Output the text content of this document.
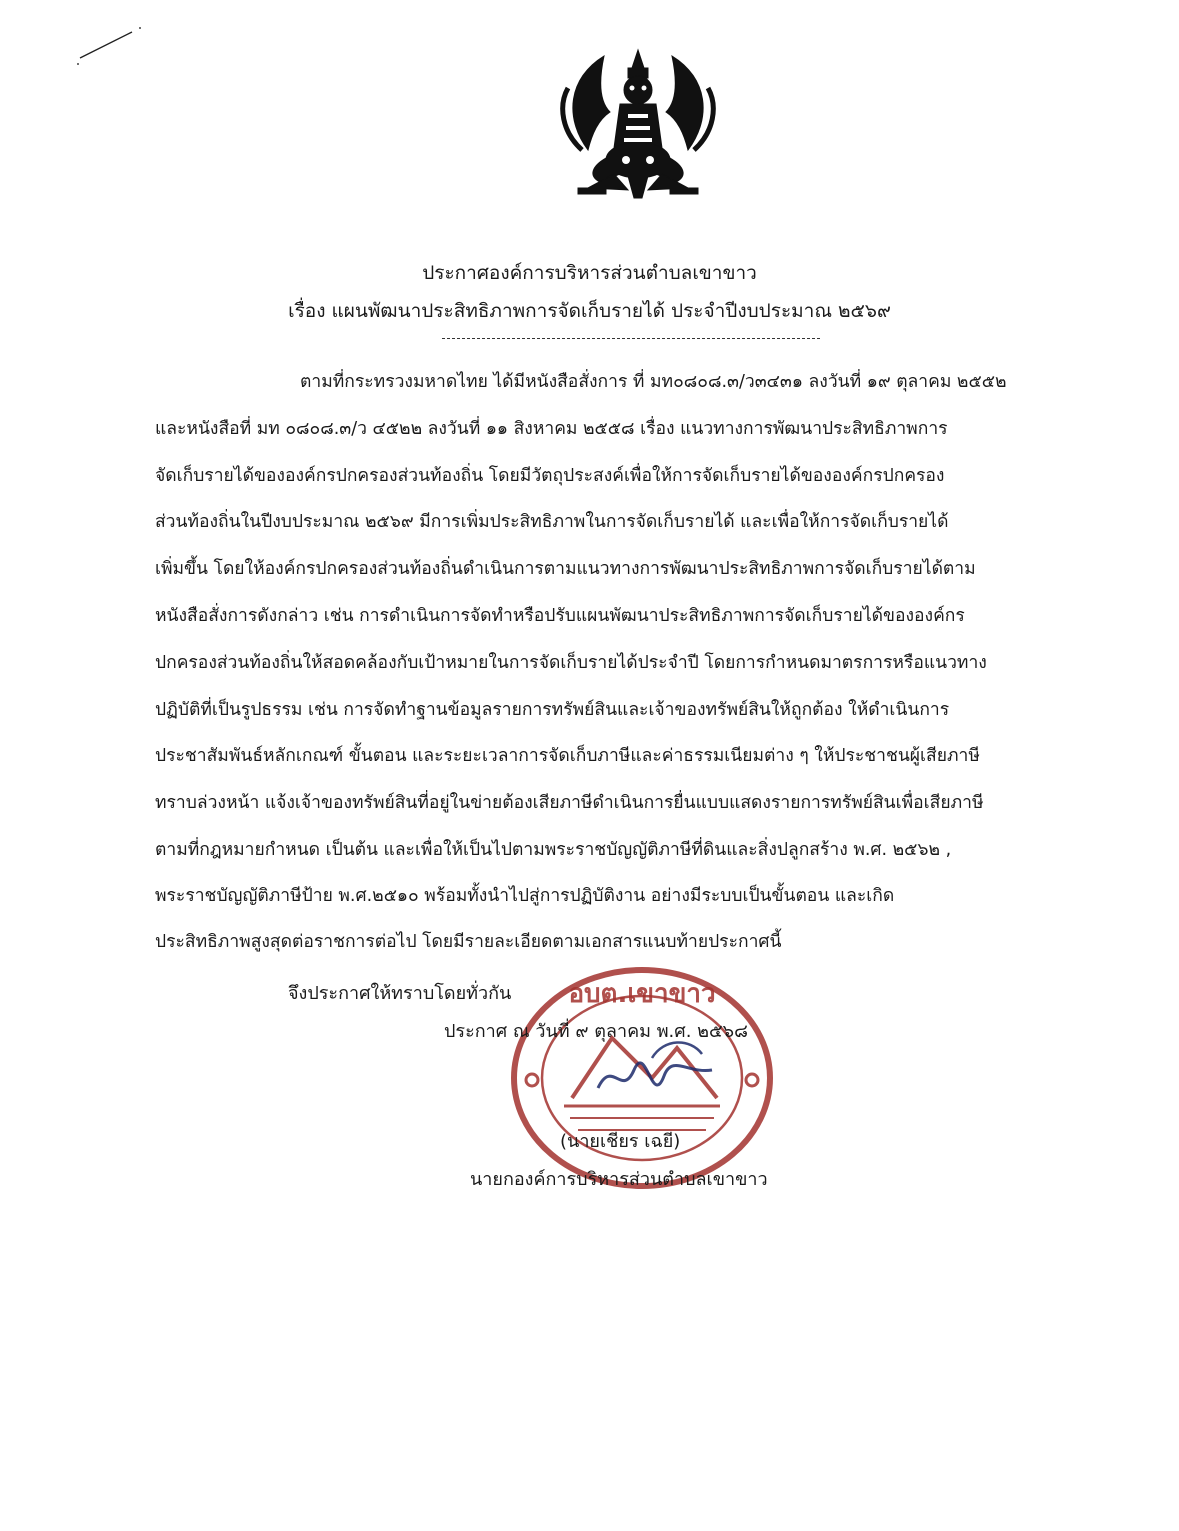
ประกาศองค์การบริหารส่วนตำบลเขาขาว
เรื่อง แผนพัฒนาประสิทธิภาพการจัดเก็บรายได้ ประจำปีงบประมาณ ๒๕๖๙
ตามที่กระทรวงมหาดไทย ได้มีหนังสือสั่งการ ที่ มท๐๘๐๘.๓/ว๓๔๓๑ ลงวันที่ ๑๙ ตุลาคม ๒๕๕๒
และหนังสือที่ มท ๐๘๐๘.๓/ว ๔๕๒๒ ลงวันที่ ๑๑ สิงหาคม ๒๕๕๘ เรื่อง แนวทางการพัฒนาประสิทธิภาพการ
จัดเก็บรายได้ขององค์กรปกครองส่วนท้องถิ่น โดยมีวัตถุประสงค์เพื่อให้การจัดเก็บรายได้ขององค์กรปกครอง
ส่วนท้องถิ่นในปีงบประมาณ ๒๕๖๙ มีการเพิ่มประสิทธิภาพในการจัดเก็บรายได้ และเพื่อให้การจัดเก็บรายได้
เพิ่มขึ้น โดยให้องค์กรปกครองส่วนท้องถิ่นดำเนินการตามแนวทางการพัฒนาประสิทธิภาพการจัดเก็บรายได้ตาม
หนังสือสั่งการดังกล่าว เช่น การดำเนินการจัดทำหรือปรับแผนพัฒนาประสิทธิภาพการจัดเก็บรายได้ขององค์กร
ปกครองส่วนท้องถิ่นให้สอดคล้องกับเป้าหมายในการจัดเก็บรายได้ประจำปี โดยการกำหนดมาตรการหรือแนวทาง
ปฏิบัติที่เป็นรูปธรรม เช่น การจัดทำฐานข้อมูลรายการทรัพย์สินและเจ้าของทรัพย์สินให้ถูกต้อง ให้ดำเนินการ
ประชาสัมพันธ์หลักเกณฑ์ ขั้นตอน และระยะเวลาการจัดเก็บภาษีและค่าธรรมเนียมต่าง ๆ ให้ประชาชนผู้เสียภาษี
ทราบล่วงหน้า แจ้งเจ้าของทรัพย์สินที่อยู่ในข่ายต้องเสียภาษีดำเนินการยื่นแบบแสดงรายการทรัพย์สินเพื่อเสียภาษี
ตามที่กฎหมายกำหนด เป็นต้น และเพื่อให้เป็นไปตามพระราชบัญญัติภาษีที่ดินและสิ่งปลูกสร้าง พ.ศ. ๒๕๖๒ ,
พระราชบัญญัติภาษีป้าย พ.ศ.๒๕๑๐ พร้อมทั้งนำไปสู่การปฏิบัติงาน อย่างมีระบบเป็นขั้นตอน และเกิด
ประสิทธิภาพสูงสุดต่อราชการต่อไป โดยมีรายละเอียดตามเอกสารแนบท้ายประกาศนี้
จึงประกาศให้ทราบโดยทั่วกัน อบต.เขาขาว
ประกาศ ณ วันที่ ๙ ตุลาคม พ.ศ. ๒๕๖๘
(นายเชียร เฉยี)
นายกองค์การบริหารส่วนตำบลเขาขาว
